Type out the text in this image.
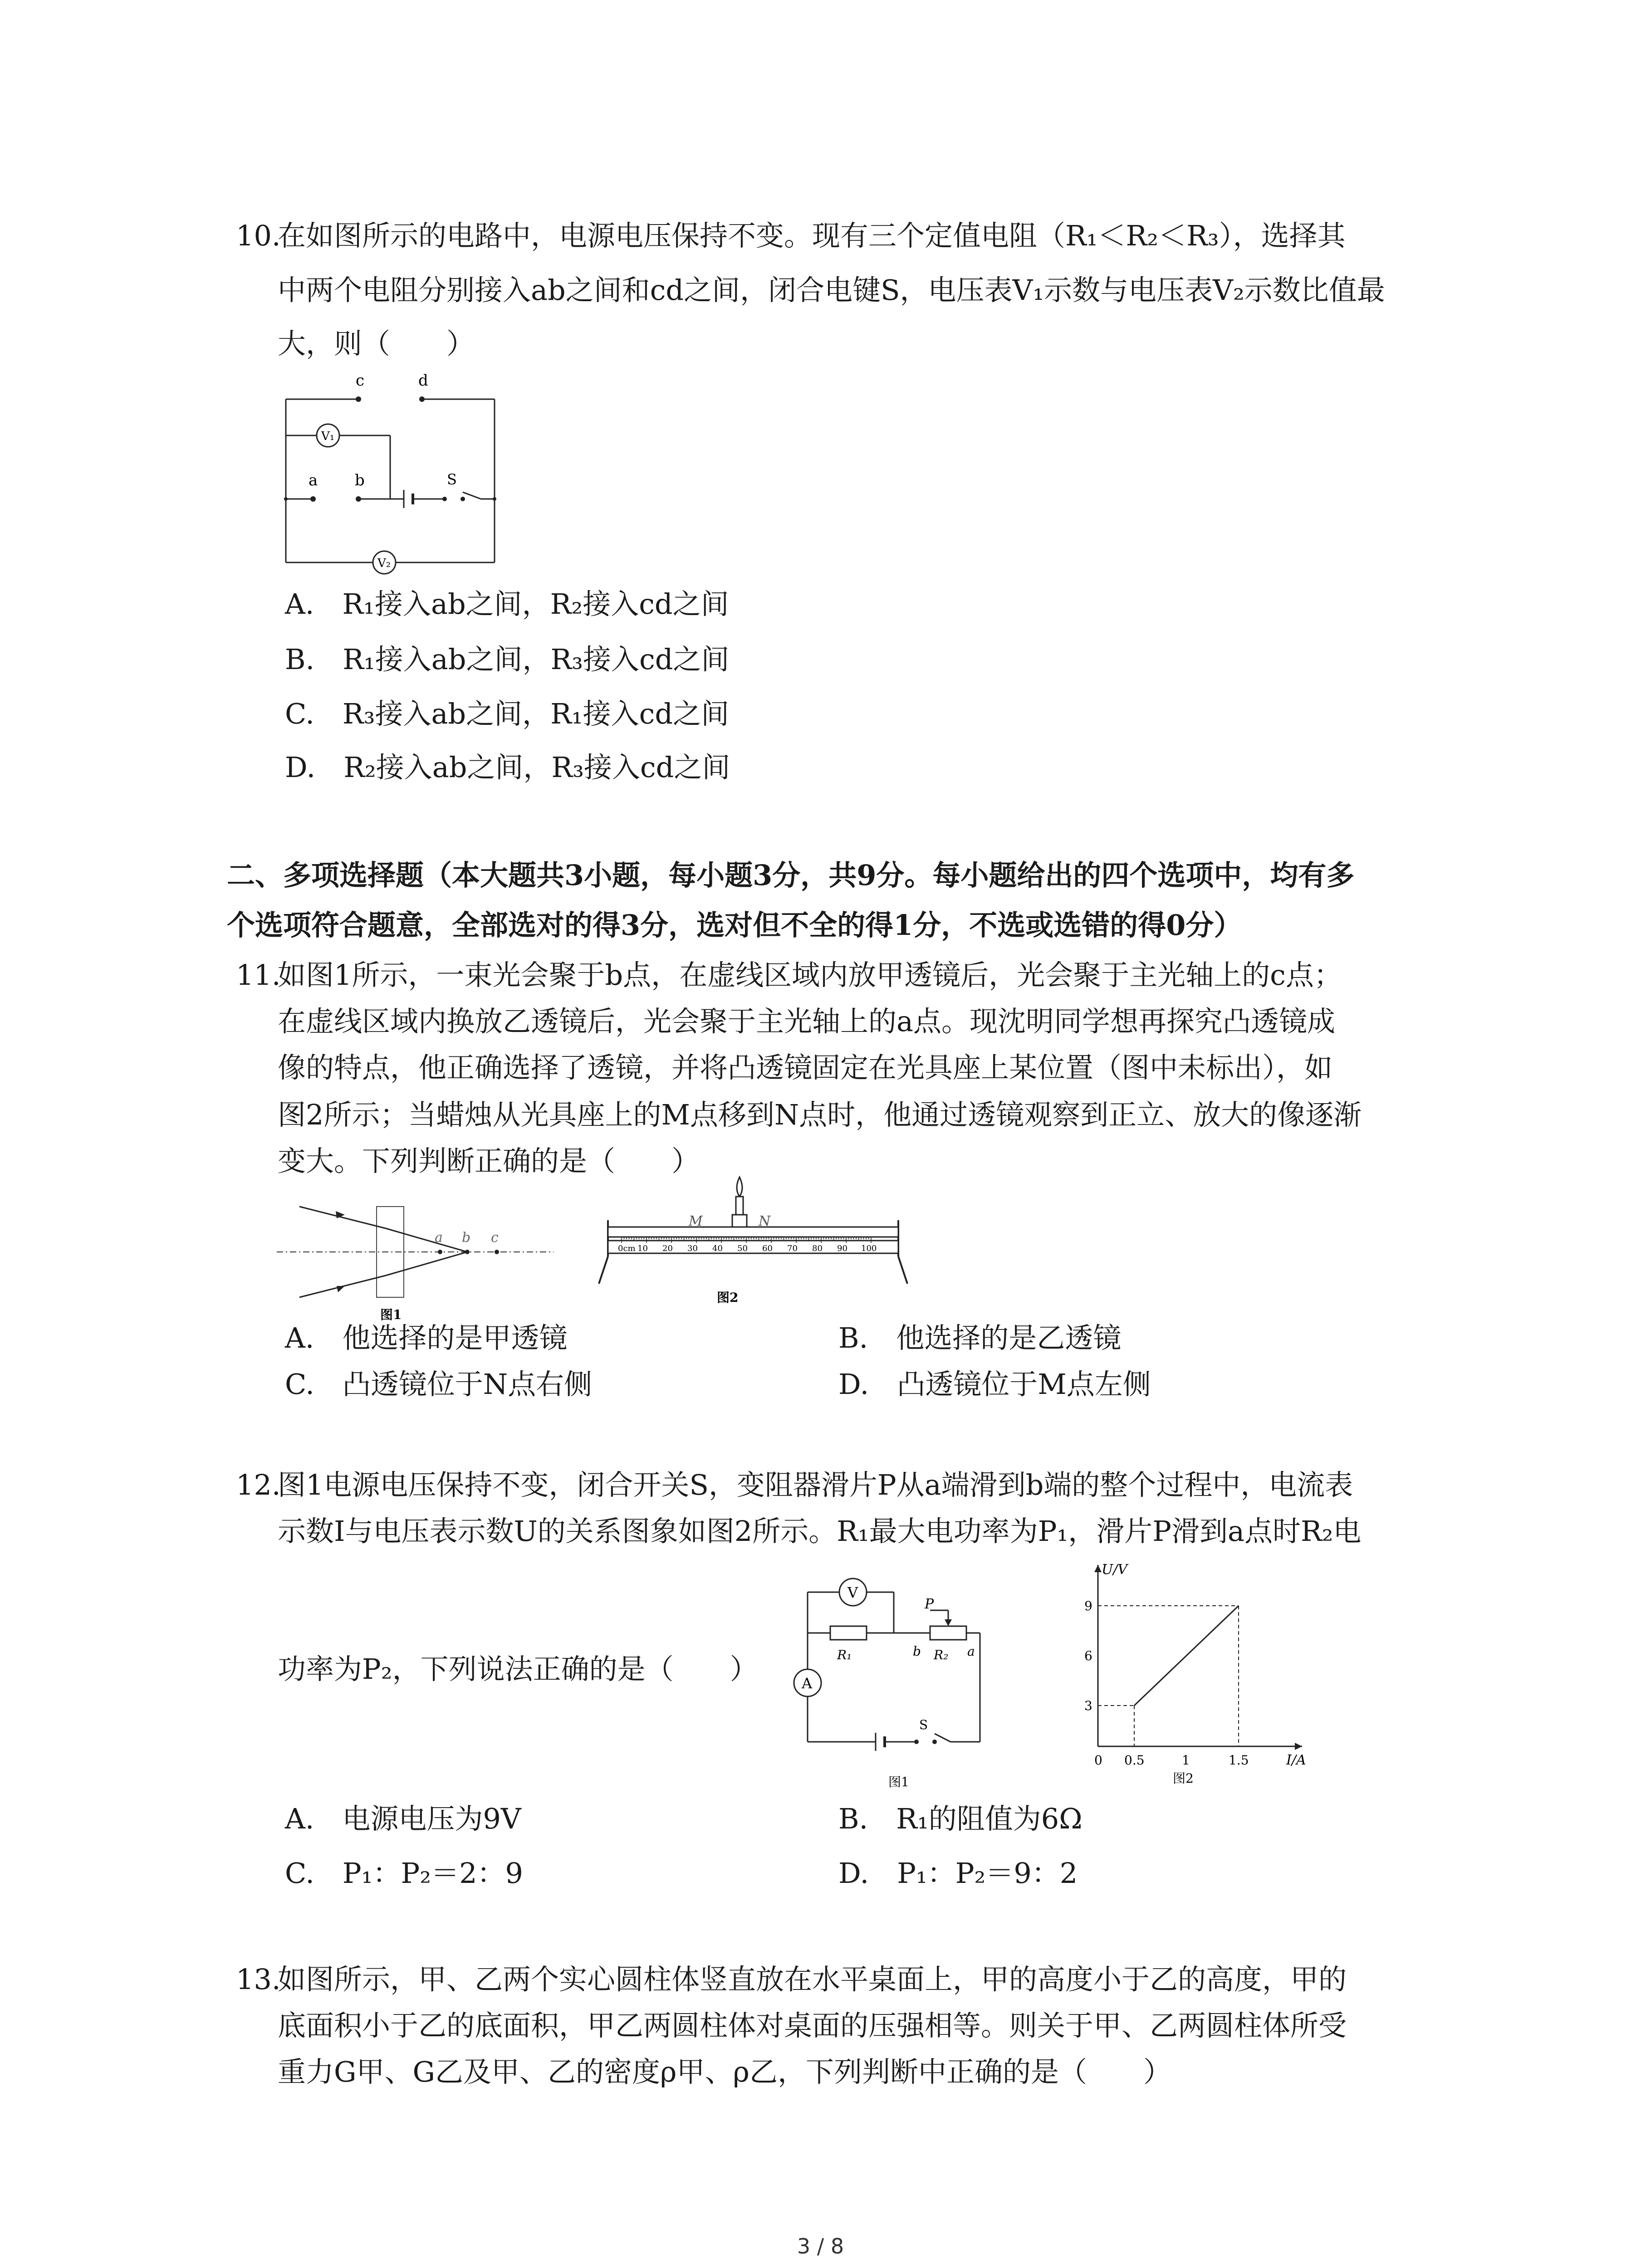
10.
在如图所示的电路中，电源电压保持不变。现有三个定值电阻（R₁＜R₂＜R₃），选择其
中两个电阻分别接入ab之间和cd之间，闭合电键S，电压表V₁示数与电压表V₂示数比值最
大，则（　　）
c	d
a b	S
V₁
V₂
A.　R₁接入ab之间，R₂接入cd之间
B.　R₁接入ab之间，R₃接入cd之间
C.　R₃接入ab之间，R₁接入cd之间
D.　R₂接入ab之间，R₃接入cd之间
二、多项选择题（本大题共3小题，每小题3分，共9分。每小题给出的四个选项中，均有多
个选项符合题意，全部选对的得3分，选对但不全的得1分，不选或选错的得0分）
11.
如图1所示，一束光会聚于b点，在虚线区域内放甲透镜后，光会聚于主光轴上的c点；
在虚线区域内换放乙透镜后，光会聚于主光轴上的a点。现沈明同学想再探究凸透镜成
像的特点，他正确选择了透镜，并将凸透镜固定在光具座上某位置（图中未标出），如
图2所示；当蜡烛从光具座上的M点移到N点时，他通过透镜观察到正立、放大的像逐渐
变大。下列判断正确的是（　　）
a b c
图1
M	N
图2
0cm 10 20 30 40 50 60 70 80 90 100
A.　他选择的是甲透镜	B.　他选择的是乙透镜
C.　凸透镜位于N点右侧	D.　凸透镜位于M点左侧
12.
图1电源电压保持不变，闭合开关S，变阻器滑片P从a端滑到b端的整个过程中，电流表
示数I与电压表示数U的关系图象如图2所示。R₁最大电功率为P₁，滑片P滑到a点时R₂电
功率为P₂，下列说法正确的是（　　）
V
A
P
R₁	b R₂ a
S
图1
U/V
I/A
9
6
3
0 0.5	1	1.5
图2
A.　电源电压为9V	B.　R₁的阻值为6Ω
C.　P₁：P₂＝2：9	D.　P₁：P₂＝9：2
13.
如图所示，甲、乙两个实心圆柱体竖直放在水平桌面上，甲的高度小于乙的高度，甲的
底面积小于乙的底面积，甲乙两圆柱体对桌面的压强相等。则关于甲、乙两圆柱体所受
重力G甲、G乙及甲、乙的密度ρ甲、ρ乙，下列判断中正确的是（　　）
3 / 8
